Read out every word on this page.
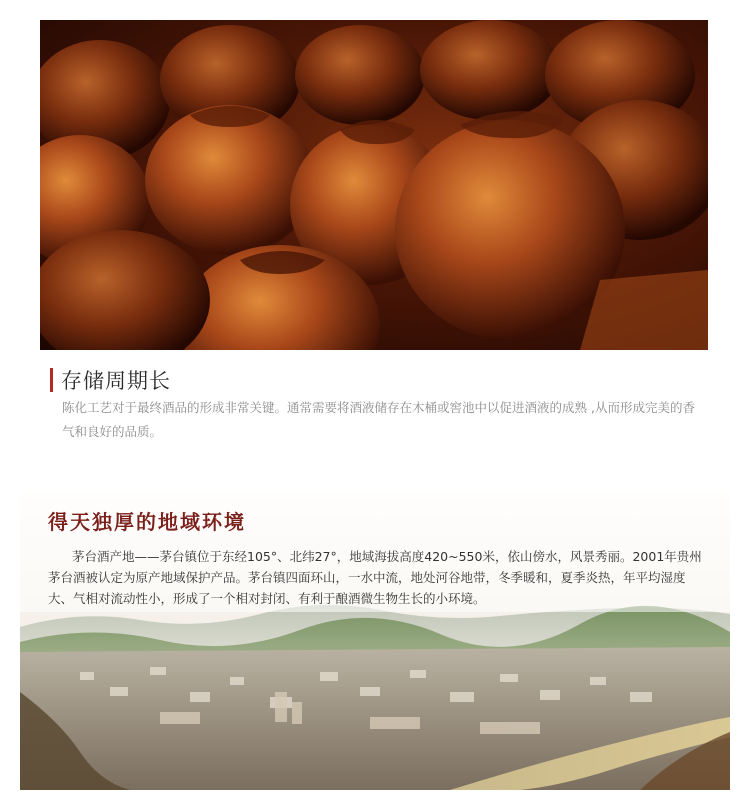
存储周期长
陈化工艺对于最终酒品的形成非常关键。通常需要将酒液储存在木桶或窖池中以促进酒液的成熟 ,从而形成完美的香气和良好的品质。
得天独厚的地域环境
茅台酒产地——茅台镇位于东经105°、北纬27°，地域海拔高度420~550米，依山傍水，风景秀丽。2001年贵州茅台酒被认定为原产地域保护产品。茅台镇四面环山，一水中流，地处河谷地带，冬季暖和，夏季炎热，年平均湿度大、气相对流动性小，形成了一个相对封闭、有利于酿酒微生物生长的小环境。
